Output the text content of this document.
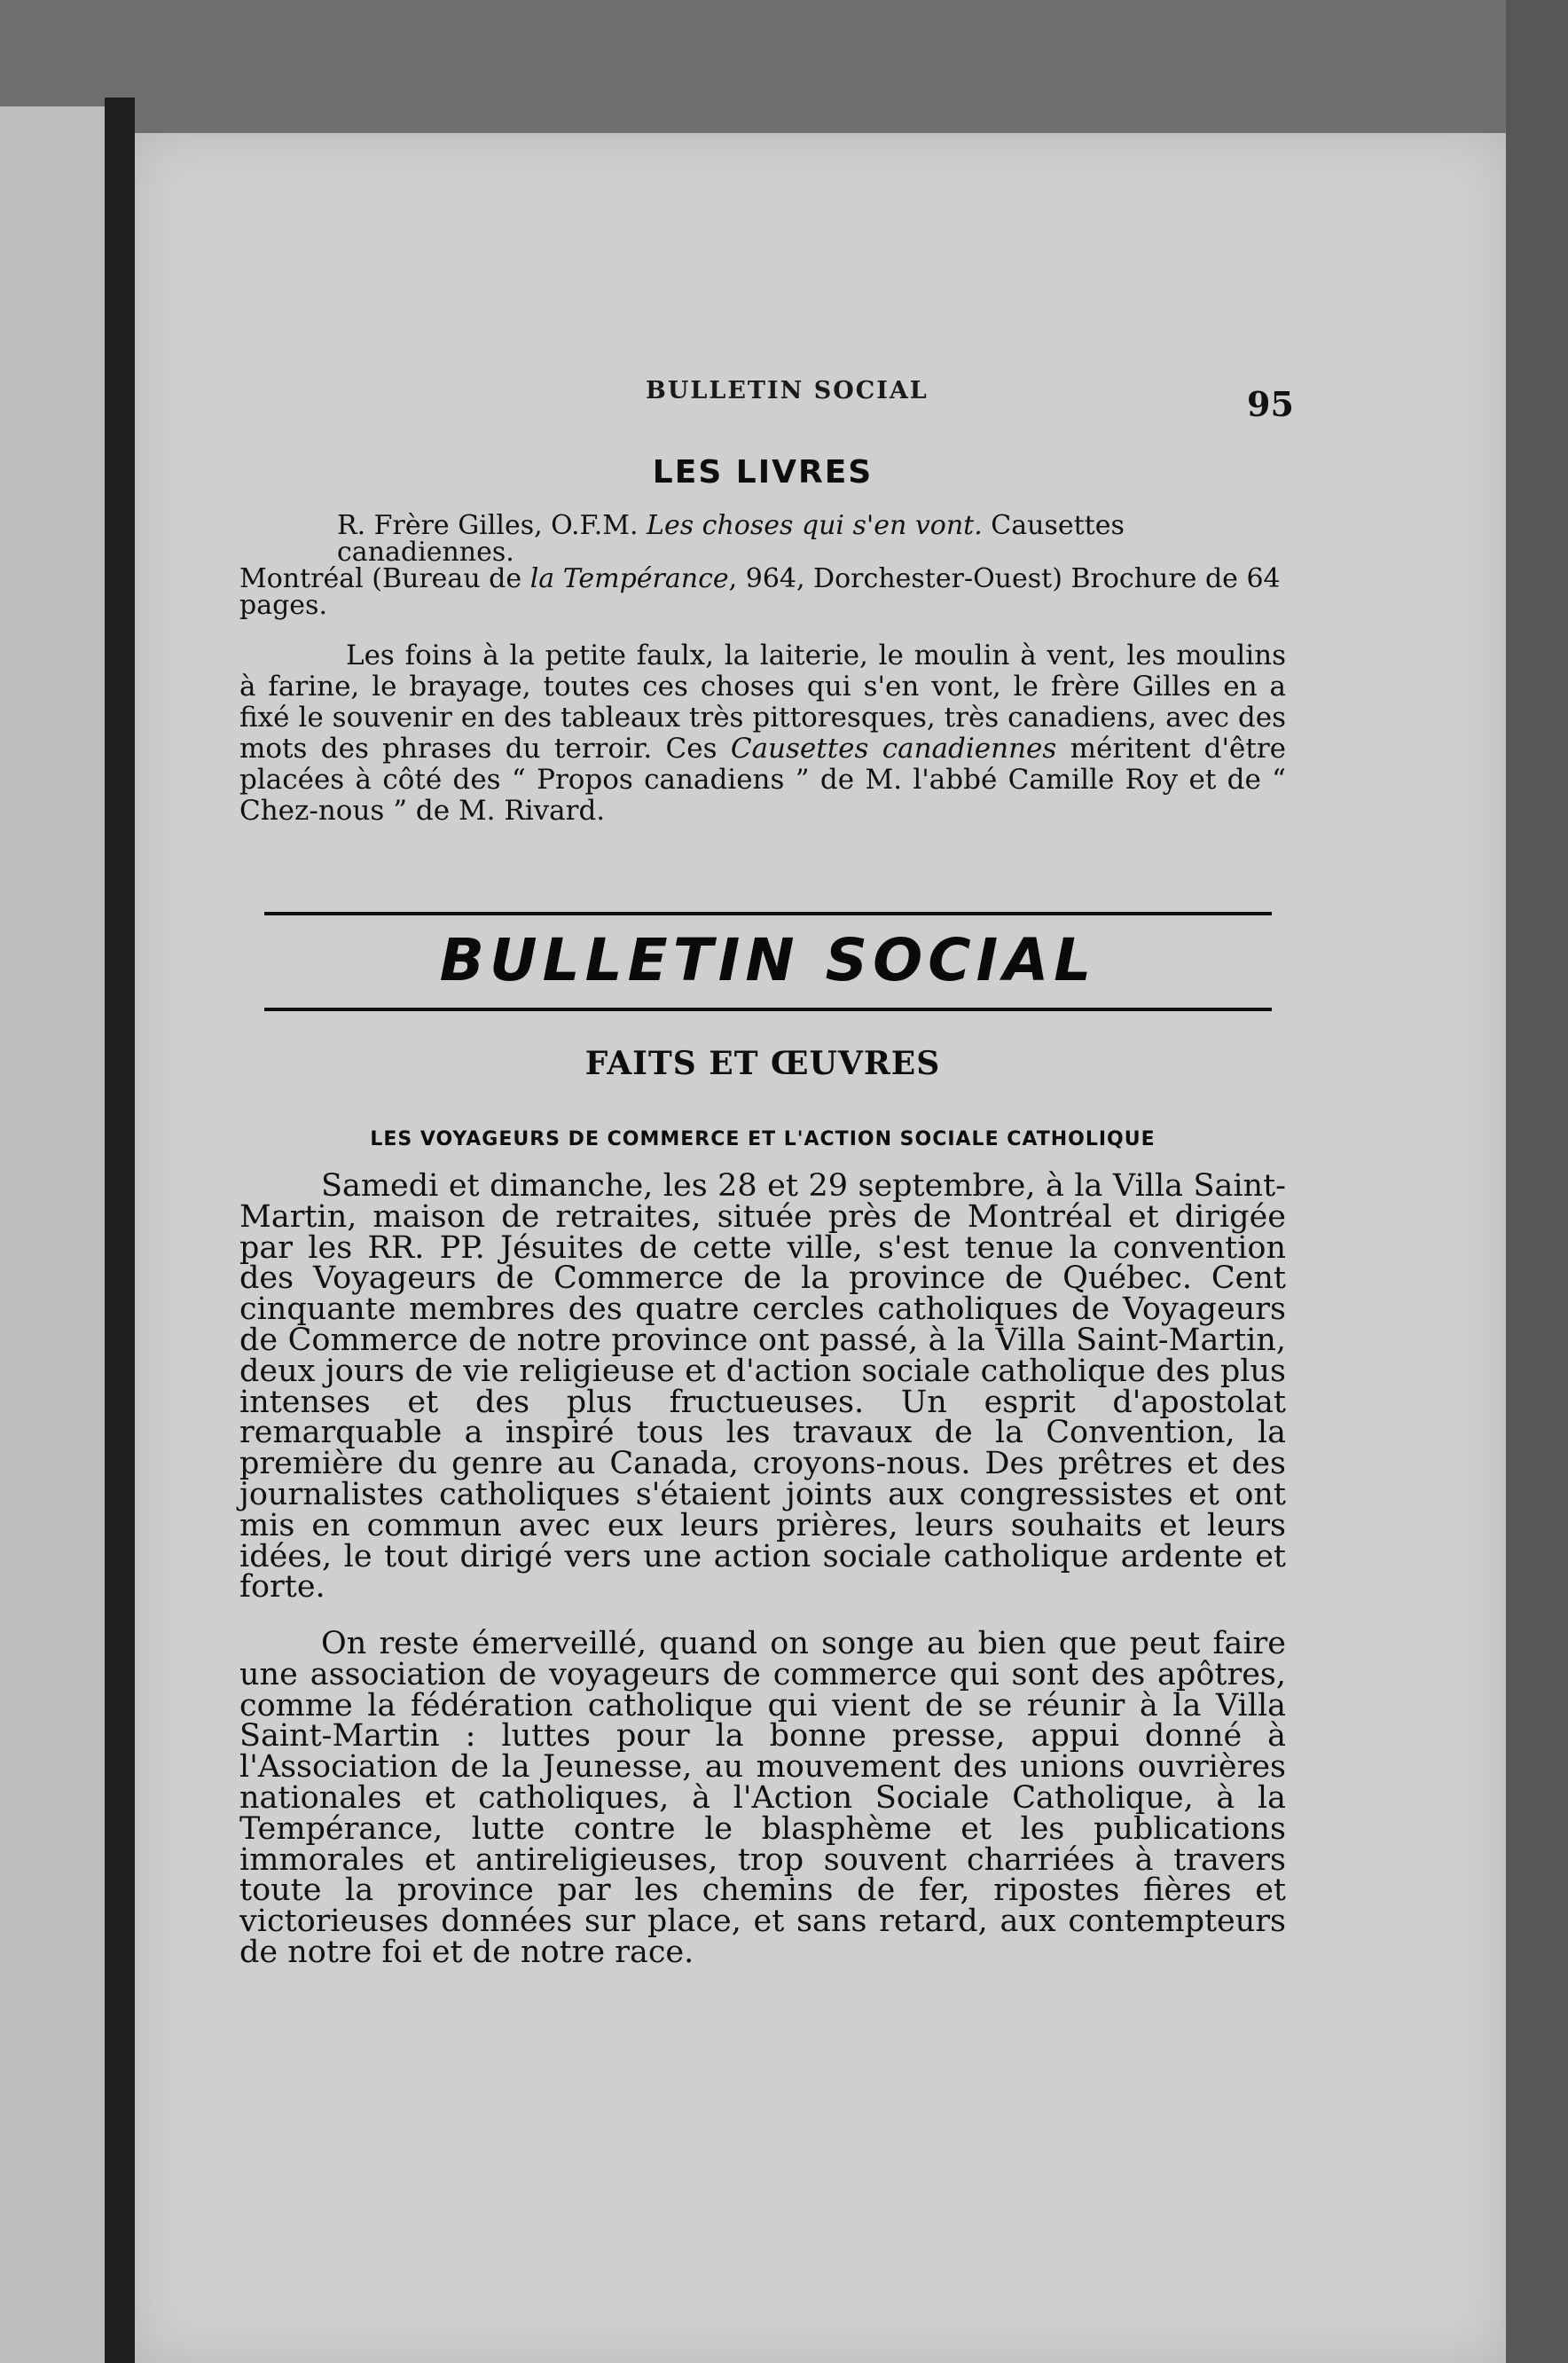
BULLETIN SOCIAL	95
LES LIVRES
R. Frère Gilles, O.F.M. Les choses qui s'en vont. Causettes canadiennes.
Montréal (Bureau de la Tempérance, 964, Dorchester-Ouest) Brochure de 64 pages.
Les foins à la petite faulx, la laiterie, le moulin à vent, les moulins à farine, le brayage, toutes ces choses qui s'en vont, le frère Gilles en a fixé le souvenir en des tableaux très pittoresques, très canadiens, avec des mots des phrases du terroir. Ces Causettes canadiennes méritent d'être placées à côté des “ Propos canadiens ” de M. l'abbé Camille Roy et de “ Chez-nous ” de M. Rivard.
BULLETIN SOCIAL
FAITS ET ŒUVRES
LES VOYAGEURS DE COMMERCE ET L'ACTION SOCIALE CATHOLIQUE
Samedi et dimanche, les 28 et 29 septembre, à la Villa Saint-Martin, maison de retraites, située près de Montréal et dirigée par les RR. PP. Jésuites de cette ville, s'est tenue la convention des Voyageurs de Commerce de la province de Québec. Cent cinquante membres des quatre cercles catholiques de Voyageurs de Commerce de notre province ont passé, à la Villa Saint-Martin, deux jours de vie religieuse et d'action sociale catholique des plus intenses et des plus fructueuses. Un esprit d'apostolat remarquable a inspiré tous les travaux de la Convention, la première du genre au Canada, croyons-nous. Des prêtres et des journalistes catholiques s'étaient joints aux congressistes et ont mis en commun avec eux leurs prières, leurs souhaits et leurs idées, le tout dirigé vers une action sociale catholique ardente et forte.
On reste émerveillé, quand on songe au bien que peut faire une association de voyageurs de commerce qui sont des apôtres, comme la fédération catholique qui vient de se réunir à la Villa Saint-Martin : luttes pour la bonne presse, appui donné à l'Association de la Jeunesse, au mouvement des unions ouvrières nationales et catholiques, à l'Action Sociale Catholique, à la Tempérance, lutte contre le blasphème et les publications immorales et antireligieuses, trop souvent charriées à travers toute la province par les chemins de fer, ripostes fières et victorieuses données sur place, et sans retard, aux contempteurs de notre foi et de notre race.
